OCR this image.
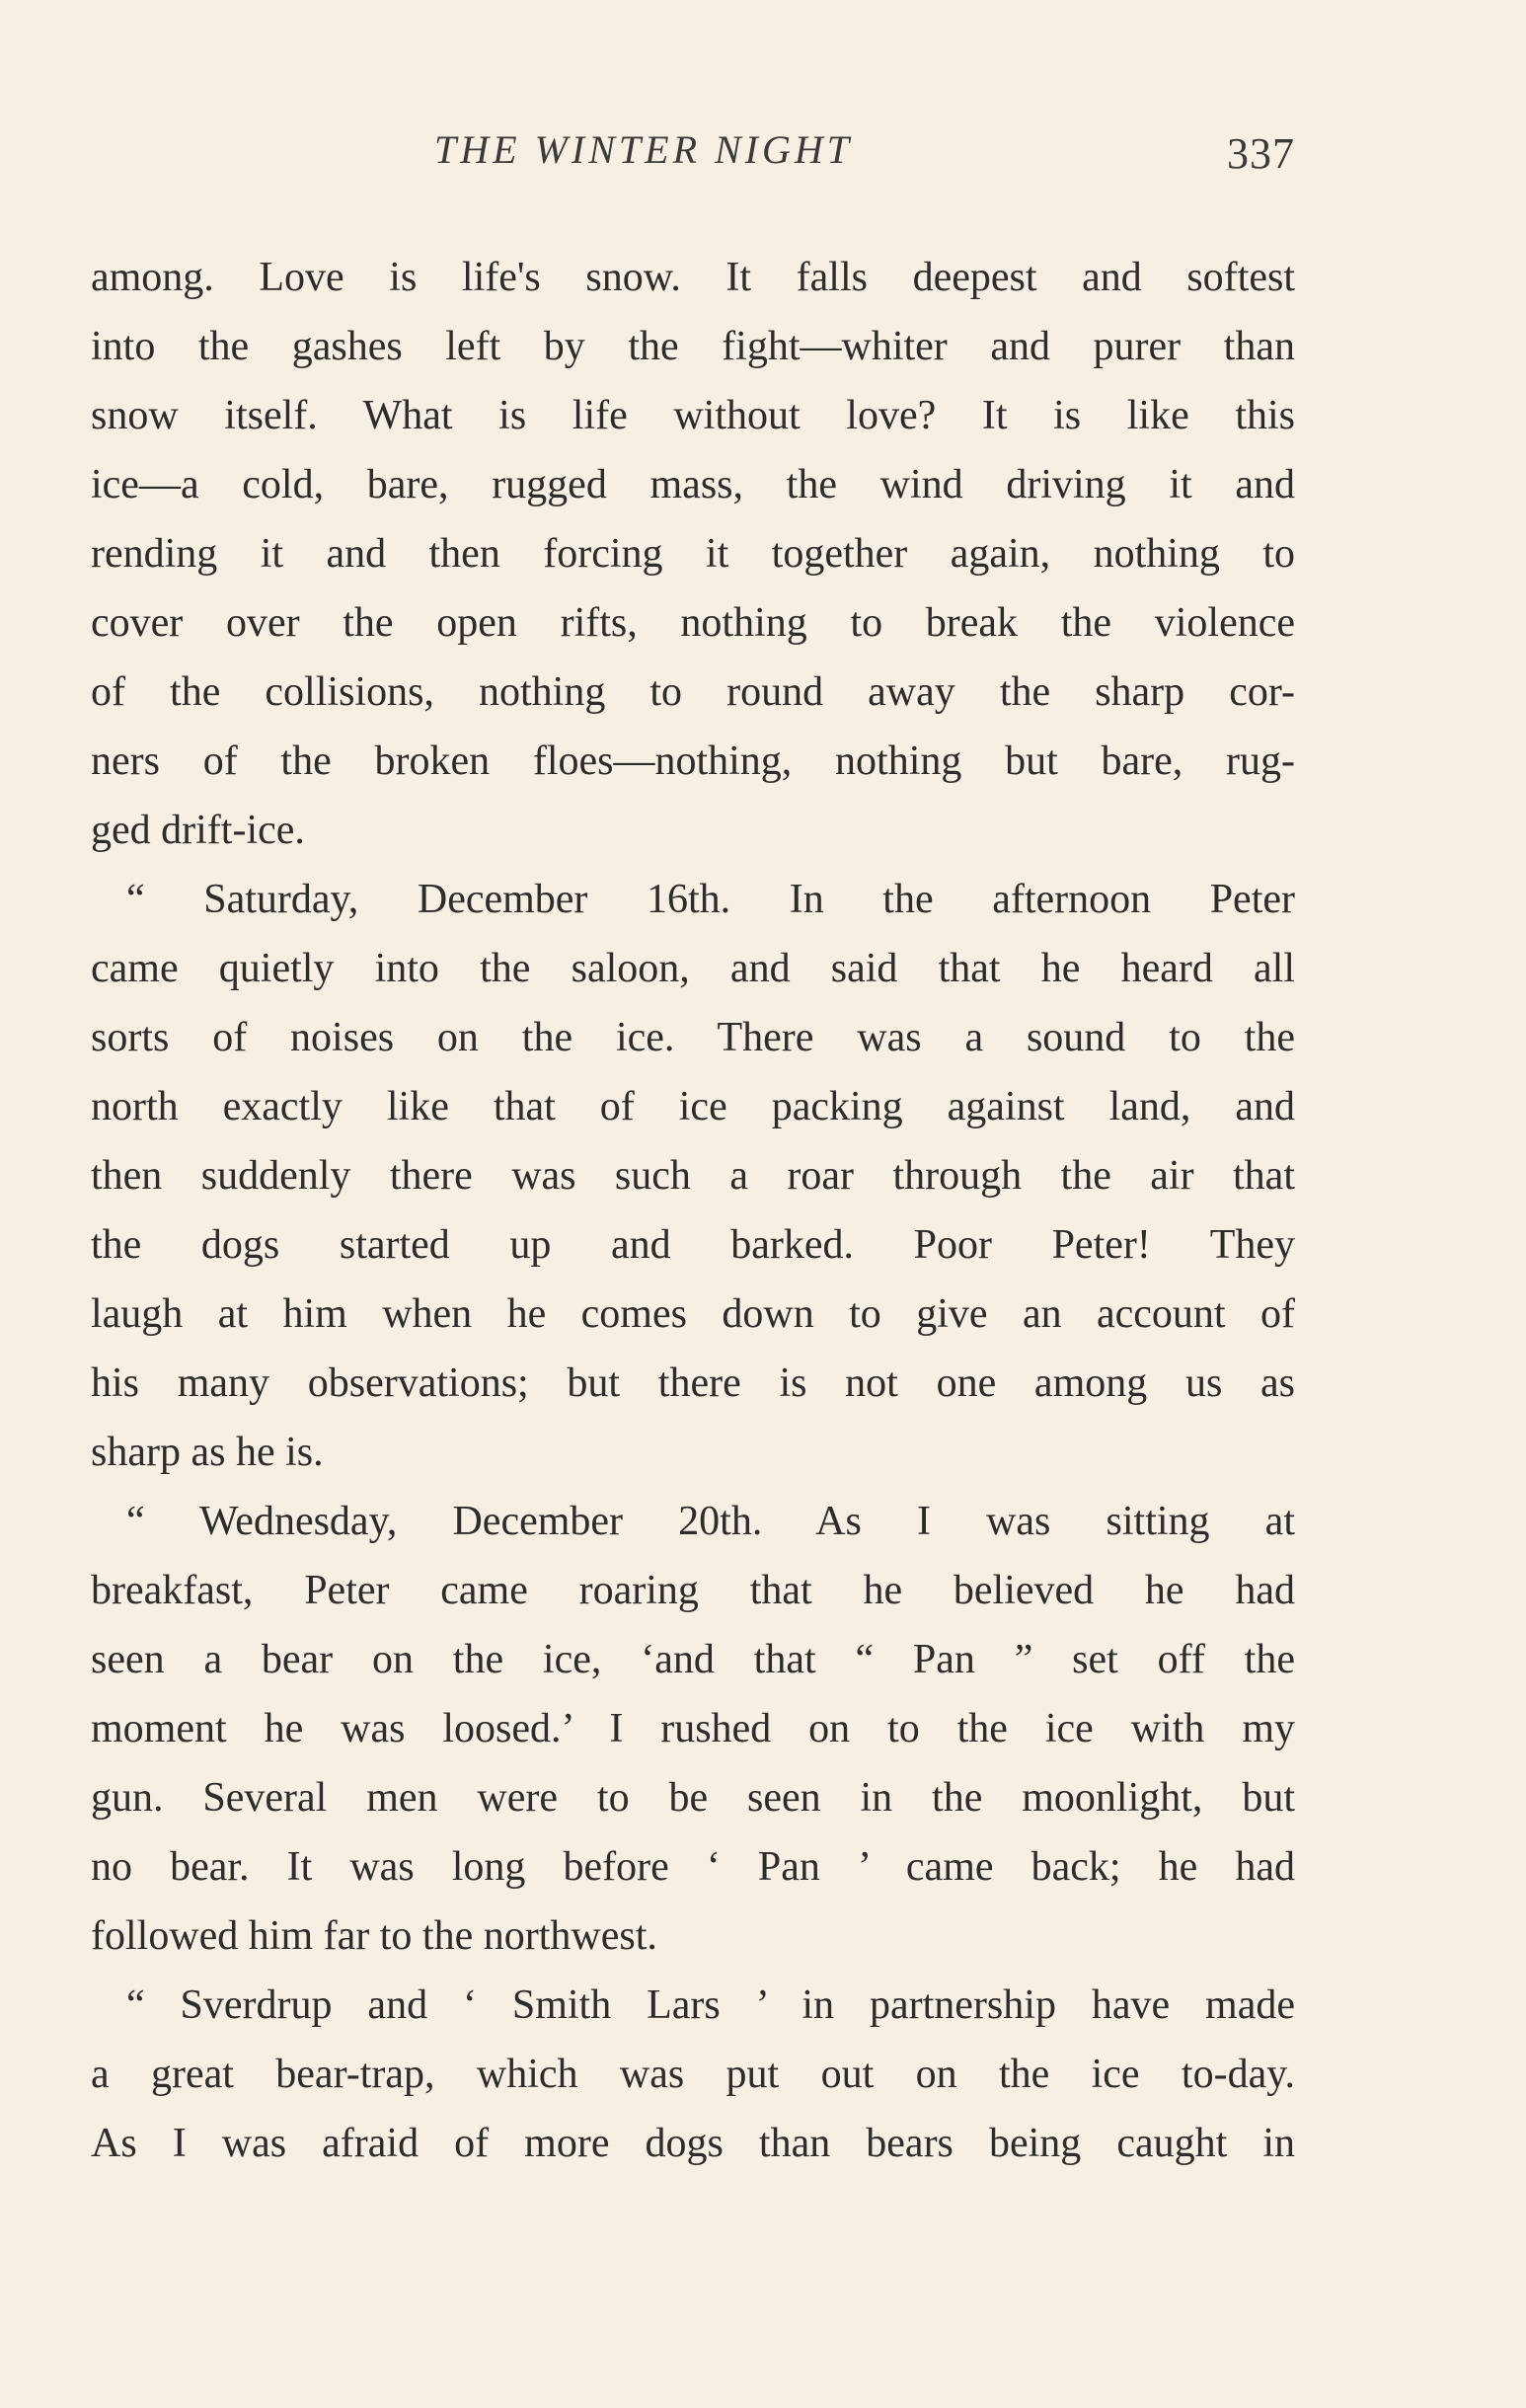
THE WINTER NIGHT	337
among. Love is life's snow. It falls deepest and softest
into the gashes left by the fight—whiter and purer than
snow itself. What is life without love? It is like this
ice—a cold, bare, rugged mass, the wind driving it and
rending it and then forcing it together again, nothing to
cover over the open rifts, nothing to break the violence
of the collisions, nothing to round away the sharp cor-
ners of the broken floes—nothing, nothing but bare, rug-
ged drift-ice.
“ Saturday, December 16th. In the afternoon Peter
came quietly into the saloon, and said that he heard all
sorts of noises on the ice. There was a sound to the
north exactly like that of ice packing against land, and
then suddenly there was such a roar through the air that
the dogs started up and barked. Poor Peter! They
laugh at him when he comes down to give an account of
his many observations; but there is not one among us as
sharp as he is.
“ Wednesday, December 20th. As I was sitting at
breakfast, Peter came roaring that he believed he had
seen a bear on the ice, ‘and that “ Pan ” set off the
moment he was loosed.’ I rushed on to the ice with my
gun. Several men were to be seen in the moonlight, but
no bear. It was long before ‘ Pan ’ came back; he had
followed him far to the northwest.
“ Sverdrup and ‘ Smith Lars ’ in partnership have made
a great bear-trap, which was put out on the ice to-day.
As I was afraid of more dogs than bears being caught in
